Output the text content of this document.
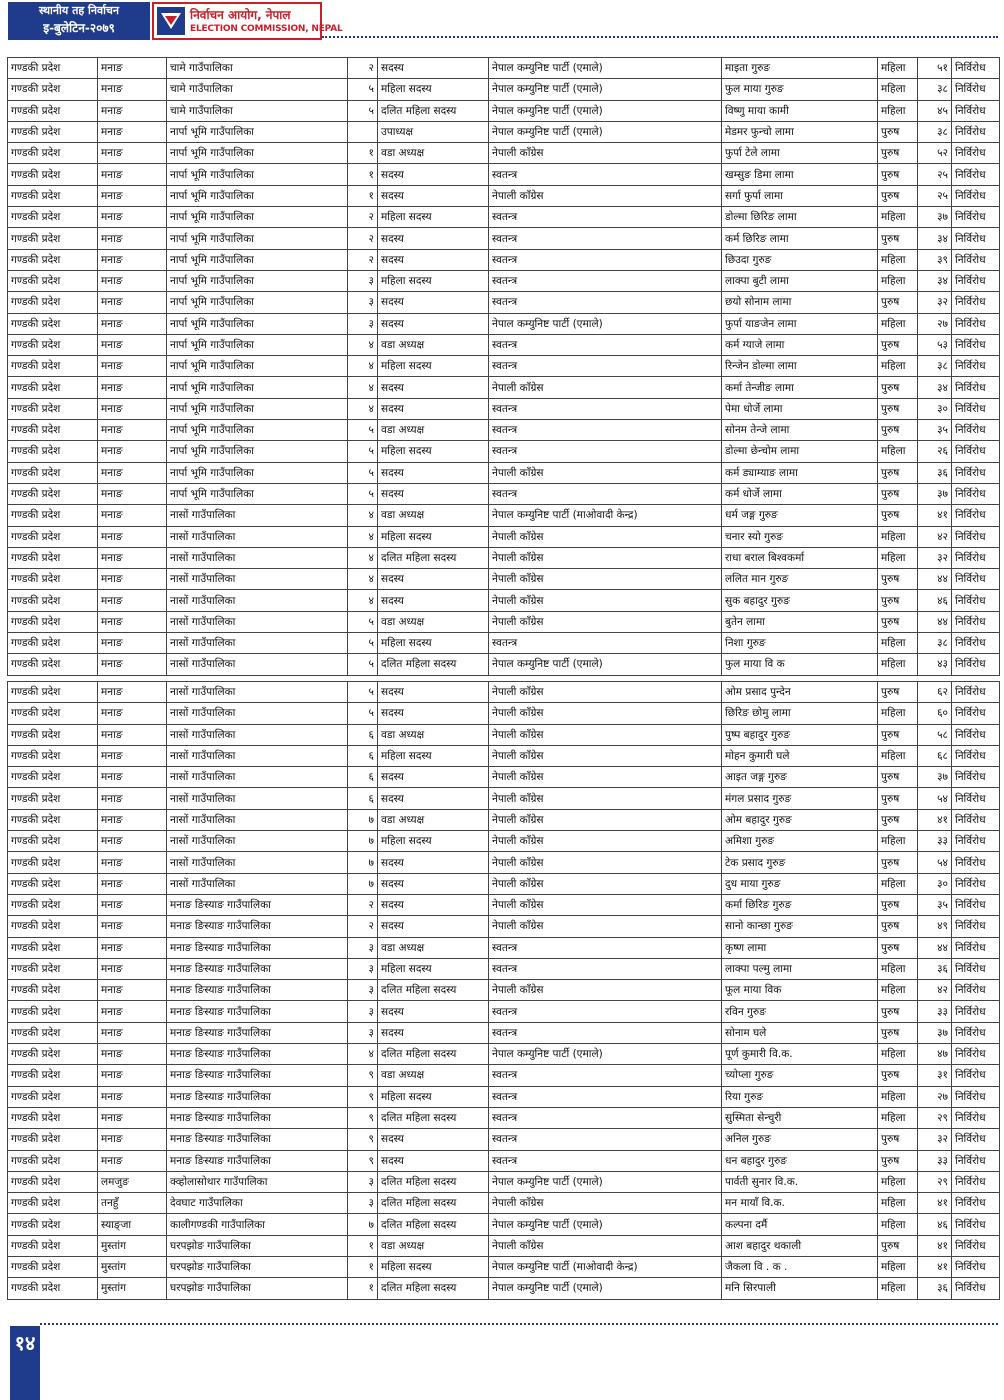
स्थानीय तह निर्वाचन
इ-बुलेटिन-२०७९
निर्वाचन आयोग, नेपाल
ELECTION COMMISSION, NEPAL
गण्डकी प्रदेश	मनाङ	चामे गाउँपालिका	२	सदस्य	नेपाल कम्युनिष्ट पार्टी (एमाले)	माइता गुरुङ	महिला	५१	निर्विरोध
गण्डकी प्रदेश	मनाङ	चामे गाउँपालिका	५	महिला सदस्य	नेपाल कम्युनिष्ट पार्टी (एमाले)	फुल माया गुरुङ	महिला	३८	निर्विरोध
गण्डकी प्रदेश	मनाङ	चामे गाउँपालिका	५	दलित महिला सदस्य	नेपाल कम्युनिष्ट पार्टी (एमाले)	विष्णु माया कामी	महिला	४५	निर्विरोध
गण्डकी प्रदेश	मनाङ	नार्पा भूमि गाउँपालिका		उपाध्यक्ष	नेपाल कम्युनिष्ट पार्टी (एमाले)	मेडमर फुन्चो लामा	पुरुष	३८	निर्विरोध
गण्डकी प्रदेश	मनाङ	नार्पा भूमि गाउँपालिका	१	वडा अध्यक्ष	नेपाली काँग्रेस	फुर्पा टेले लामा	पुरुष	५२	निर्विरोध
गण्डकी प्रदेश	मनाङ	नार्पा भूमि गाउँपालिका	१	सदस्य	स्वतन्त्र	खम्सुङ डिमा लामा	पुरुष	२५	निर्विरोध
गण्डकी प्रदेश	मनाङ	नार्पा भूमि गाउँपालिका	१	सदस्य	नेपाली काँग्रेस	सर्गा फुर्पा लामा	पुरुष	२५	निर्विरोध
गण्डकी प्रदेश	मनाङ	नार्पा भूमि गाउँपालिका	२	महिला सदस्य	स्वतन्त्र	डोल्मा छिरिङ लामा	महिला	३७	निर्विरोध
गण्डकी प्रदेश	मनाङ	नार्पा भूमि गाउँपालिका	२	सदस्य	स्वतन्त्र	कर्म छिरिङ लामा	पुरुष	३४	निर्विरोध
गण्डकी प्रदेश	मनाङ	नार्पा भूमि गाउँपालिका	२	सदस्य	स्वतन्त्र	छिउदा गुरुङ	महिला	३९	निर्विरोध
गण्डकी प्रदेश	मनाङ	नार्पा भूमि गाउँपालिका	३	महिला सदस्य	स्वतन्त्र	लाक्पा बुटी लामा	महिला	३४	निर्विरोध
गण्डकी प्रदेश	मनाङ	नार्पा भूमि गाउँपालिका	३	सदस्य	स्वतन्त्र	छयो सोनाम लामा	पुरुष	३२	निर्विरोध
गण्डकी प्रदेश	मनाङ	नार्पा भूमि गाउँपालिका	३	सदस्य	नेपाल कम्युनिष्ट पार्टी (एमाले)	फुर्पा याङजेन लामा	महिला	२७	निर्विरोध
गण्डकी प्रदेश	मनाङ	नार्पा भूमि गाउँपालिका	४	वडा अध्यक्ष	स्वतन्त्र	कर्म ग्याजे लामा	पुरुष	५३	निर्विरोध
गण्डकी प्रदेश	मनाङ	नार्पा भूमि गाउँपालिका	४	महिला सदस्य	स्वतन्त्र	रिन्जेन डोल्मा लामा	महिला	३८	निर्विरोध
गण्डकी प्रदेश	मनाङ	नार्पा भूमि गाउँपालिका	४	सदस्य	नेपाली काँग्रेस	कर्मा तेन्जीङ लामा	पुरुष	३४	निर्विरोध
गण्डकी प्रदेश	मनाङ	नार्पा भूमि गाउँपालिका	४	सदस्य	स्वतन्त्र	पेमा धोर्जे लामा	पुरुष	३०	निर्विरोध
गण्डकी प्रदेश	मनाङ	नार्पा भूमि गाउँपालिका	५	वडा अध्यक्ष	स्वतन्त्र	सोनम तेन्जे लामा	पुरुष	३५	निर्विरोध
गण्डकी प्रदेश	मनाङ	नार्पा भूमि गाउँपालिका	५	महिला सदस्य	स्वतन्त्र	डोल्मा छेन्चोम लामा	महिला	२६	निर्विरोध
गण्डकी प्रदेश	मनाङ	नार्पा भूमि गाउँपालिका	५	सदस्य	नेपाली काँग्रेस	कर्म ड्याम्याङ लामा	पुरुष	३६	निर्विरोध
गण्डकी प्रदेश	मनाङ	नार्पा भूमि गाउँपालिका	५	सदस्य	स्वतन्त्र	कर्म धोर्जे लामा	पुरुष	३७	निर्विरोध
गण्डकी प्रदेश	मनाङ	नासों गाउँपालिका	४	वडा अध्यक्ष	नेपाल कम्युनिष्ट पार्टी (माओवादी केन्द्र)	धर्म जङ्ग गुरुङ	पुरुष	४१	निर्विरोध
गण्डकी प्रदेश	मनाङ	नासों गाउँपालिका	४	महिला सदस्य	नेपाली काँग्रेस	चनार स्यो गुरुङ	महिला	४२	निर्विरोध
गण्डकी प्रदेश	मनाङ	नासों गाउँपालिका	४	दलित महिला सदस्य	नेपाली काँग्रेस	राधा बराल बिश्वकर्मा	महिला	३२	निर्विरोध
गण्डकी प्रदेश	मनाङ	नासों गाउँपालिका	४	सदस्य	नेपाली काँग्रेस	ललित मान गुरुङ	पुरुष	४४	निर्विरोध
गण्डकी प्रदेश	मनाङ	नासों गाउँपालिका	४	सदस्य	नेपाली काँग्रेस	सुक बहादुर गुरुङ	पुरुष	४६	निर्विरोध
गण्डकी प्रदेश	मनाङ	नासों गाउँपालिका	५	वडा अध्यक्ष	नेपाली काँग्रेस	बुतेन लामा	पुरुष	४४	निर्विरोध
गण्डकी प्रदेश	मनाङ	नासों गाउँपालिका	५	महिला सदस्य	स्वतन्त्र	निशा गुरुङ	महिला	३८	निर्विरोध
गण्डकी प्रदेश	मनाङ	नासों गाउँपालिका	५	दलित महिला सदस्य	नेपाल कम्युनिष्ट पार्टी (एमाले)	फुल माया वि क	महिला	४३	निर्विरोध
गण्डकी प्रदेश	मनाङ	नासों गाउँपालिका	५	सदस्य	नेपाली काँग्रेस	ओम प्रसाद पुन्देन	पुरुष	६२	निर्विरोध
गण्डकी प्रदेश	मनाङ	नासों गाउँपालिका	५	सदस्य	नेपाली काँग्रेस	छिरिङ छोमु लामा	महिला	६०	निर्विरोध
गण्डकी प्रदेश	मनाङ	नासों गाउँपालिका	६	वडा अध्यक्ष	नेपाली काँग्रेस	पुष्प बहादुर गुरुङ	पुरुष	५८	निर्विरोध
गण्डकी प्रदेश	मनाङ	नासों गाउँपालिका	६	महिला सदस्य	नेपाली काँग्रेस	मोहन कुमारी घले	महिला	६८	निर्विरोध
गण्डकी प्रदेश	मनाङ	नासों गाउँपालिका	६	सदस्य	नेपाली काँग्रेस	आइत जङ्ग गुरुङ	पुरुष	३७	निर्विरोध
गण्डकी प्रदेश	मनाङ	नासों गाउँपालिका	६	सदस्य	नेपाली काँग्रेस	मंगल प्रसाद गुरुङ	पुरुष	५४	निर्विरोध
गण्डकी प्रदेश	मनाङ	नासों गाउँपालिका	७	वडा अध्यक्ष	नेपाली काँग्रेस	ओम बहादुर गुरुङ	पुरुष	४१	निर्विरोध
गण्डकी प्रदेश	मनाङ	नासों गाउँपालिका	७	महिला सदस्य	नेपाली काँग्रेस	अमिशा गुरुङ	महिला	३३	निर्विरोध
गण्डकी प्रदेश	मनाङ	नासों गाउँपालिका	७	सदस्य	नेपाली काँग्रेस	टेक प्रसाद गुरुङ	पुरुष	५४	निर्विरोध
गण्डकी प्रदेश	मनाङ	नासों गाउँपालिका	७	सदस्य	नेपाली काँग्रेस	दुध माया गुरुङ	महिला	३०	निर्विरोध
गण्डकी प्रदेश	मनाङ	मनाङ ङिस्याङ गाउँपालिका	२	सदस्य	नेपाली काँग्रेस	कर्मा छिरिङ गुरुङ	पुरुष	३५	निर्विरोध
गण्डकी प्रदेश	मनाङ	मनाङ ङिस्याङ गाउँपालिका	२	सदस्य	नेपाली काँग्रेस	सानो कान्छा गुरुङ	पुरुष	४९	निर्विरोध
गण्डकी प्रदेश	मनाङ	मनाङ ङिस्याङ गाउँपालिका	३	वडा अध्यक्ष	स्वतन्त्र	कृष्ण लामा	पुरुष	४४	निर्विरोध
गण्डकी प्रदेश	मनाङ	मनाङ ङिस्याङ गाउँपालिका	३	महिला सदस्य	स्वतन्त्र	लाक्पा पल्मु लामा	महिला	३६	निर्विरोध
गण्डकी प्रदेश	मनाङ	मनाङ ङिस्याङ गाउँपालिका	३	दलित महिला सदस्य	नेपाली काँग्रेस	फूल माया विक	महिला	४२	निर्विरोध
गण्डकी प्रदेश	मनाङ	मनाङ ङिस्याङ गाउँपालिका	३	सदस्य	स्वतन्त्र	रविन गुरुङ	पुरुष	३३	निर्विरोध
गण्डकी प्रदेश	मनाङ	मनाङ ङिस्याङ गाउँपालिका	३	सदस्य	स्वतन्त्र	सोनाम घले	पुरुष	३७	निर्विरोध
गण्डकी प्रदेश	मनाङ	मनाङ ङिस्याङ गाउँपालिका	४	दलित महिला सदस्य	नेपाल कम्युनिष्ट पार्टी (एमाले)	पूर्ण कुमारी वि.क.	महिला	४७	निर्विरोध
गण्डकी प्रदेश	मनाङ	मनाङ ङिस्याङ गाउँपालिका	९	वडा अध्यक्ष	स्वतन्त्र	च्योप्ला गुरुङ	पुरुष	३१	निर्विरोध
गण्डकी प्रदेश	मनाङ	मनाङ ङिस्याङ गाउँपालिका	९	महिला सदस्य	स्वतन्त्र	रिया गुरुङ	महिला	२७	निर्विरोध
गण्डकी प्रदेश	मनाङ	मनाङ ङिस्याङ गाउँपालिका	९	दलित महिला सदस्य	स्वतन्त्र	सुस्मिता सेन्चुरी	महिला	२९	निर्विरोध
गण्डकी प्रदेश	मनाङ	मनाङ ङिस्याङ गाउँपालिका	९	सदस्य	स्वतन्त्र	अनिल गुरुङ	पुरुष	३२	निर्विरोध
गण्डकी प्रदेश	मनाङ	मनाङ ङिस्याङ गाउँपालिका	९	सदस्य	स्वतन्त्र	धन बहादुर गुरुङ	पुरुष	३३	निर्विरोध
गण्डकी प्रदेश	लमजुङ	क्व्होलासोथार गाउँपालिका	३	दलित महिला सदस्य	नेपाल कम्युनिष्ट पार्टी (एमाले)	पार्वती सुनार वि.क.	महिला	२९	निर्विरोध
गण्डकी प्रदेश	तनहुँ	देवघाट गाउँपालिका	३	दलित महिला सदस्य	नेपाली काँग्रेस	मन मायाँ वि.क.	महिला	४१	निर्विरोध
गण्डकी प्रदेश	स्याङ्‍जा	कालीगण्डकी गाउँपालिका	७	दलित महिला सदस्य	नेपाल कम्युनिष्ट पार्टी (एमाले)	कल्पना दर्मै	महिला	४६	निर्विरोध
गण्डकी प्रदेश	मुस्तांग	घरपझोङ गाउँपालिका	१	वडा अध्यक्ष	नेपाली काँग्रेस	आश बहादुर थकाली	पुरुष	४१	निर्विरोध
गण्डकी प्रदेश	मुस्तांग	घरपझोङ गाउँपालिका	१	महिला सदस्य	नेपाल कम्युनिष्ट पार्टी (माओवादी केन्द्र)	जैकला वि . क .	महिला	४१	निर्विरोध
गण्डकी प्रदेश	मुस्तांग	घरपझोङ गाउँपालिका	१	दलित महिला सदस्य	नेपाल कम्युनिष्ट पार्टी (एमाले)	मनि सिरपाली	महिला	३६	निर्विरोध
१४
